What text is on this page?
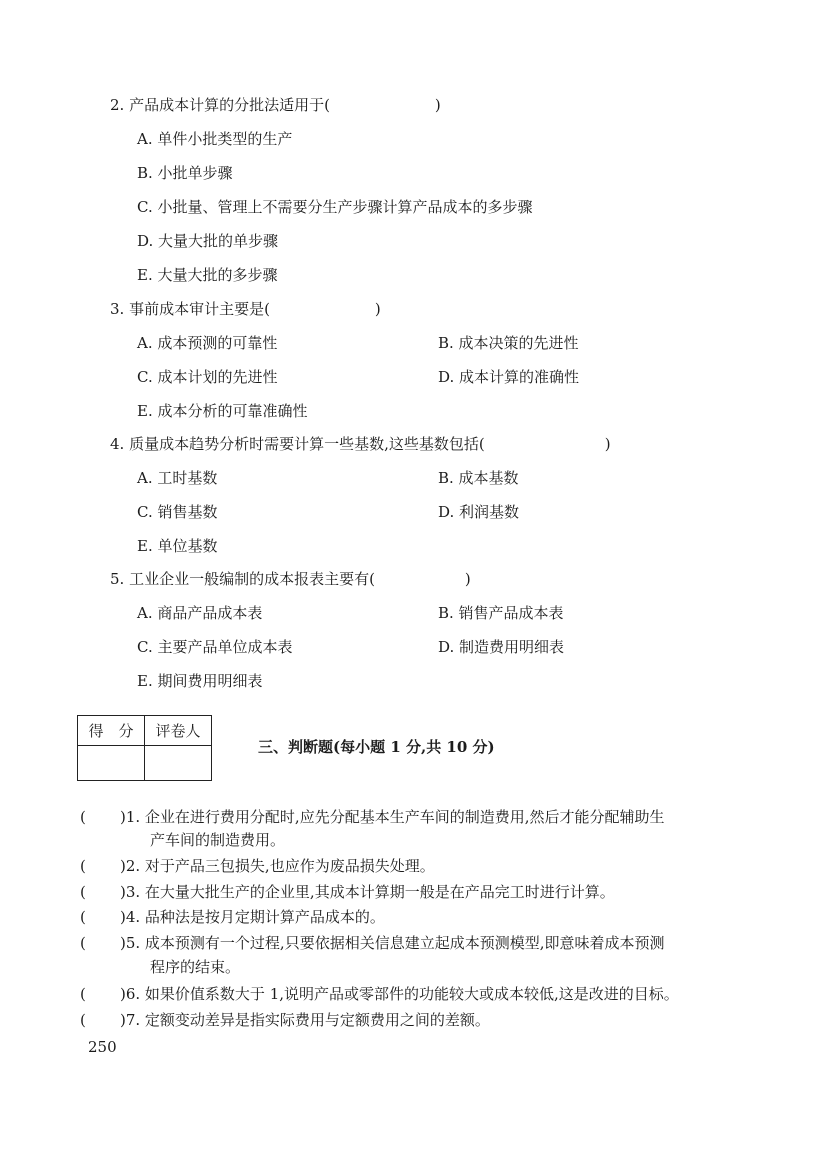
2. 产品成本计算的分批法适用于(　　　　　　　)
A. 单件小批类型的生产
B. 小批单步骤
C. 小批量、管理上不需要分生产步骤计算产品成本的多步骤
D. 大量大批的单步骤
E. 大量大批的多步骤
3. 事前成本审计主要是(　　　　　　　)
A. 成本预测的可靠性	B. 成本决策的先进性
C. 成本计划的先进性	D. 成本计算的准确性
E. 成本分析的可靠准确性
4. 质量成本趋势分析时需要计算一些基数,这些基数包括(　　　　　　　　)
A. 工时基数	B. 成本基数
C. 销售基数	D. 利润基数
E. 单位基数
5. 工业企业一般编制的成本报表主要有(　　　　　　)
A. 商品产品成本表	B. 销售产品成本表
C. 主要产品单位成本表	D. 制造费用明细表
E. 期间费用明细表
得　分	评卷人

三、判断题(每小题 1 分,共 10 分)
( )1. 企业在进行费用分配时,应先分配基本生产车间的制造费用,然后才能分配辅助生
产车间的制造费用。
( )2. 对于产品三包损失,也应作为废品损失处理。
( )3. 在大量大批生产的企业里,其成本计算期一般是在产品完工时进行计算。
( )4. 品种法是按月定期计算产品成本的。
( )5. 成本预测有一个过程,只要依据相关信息建立起成本预测模型,即意味着成本预测
程序的结束。
( )6. 如果价值系数大于 1,说明产品或零部件的功能较大或成本较低,这是改进的目标。
( )7. 定额变动差异是指实际费用与定额费用之间的差额。
250
